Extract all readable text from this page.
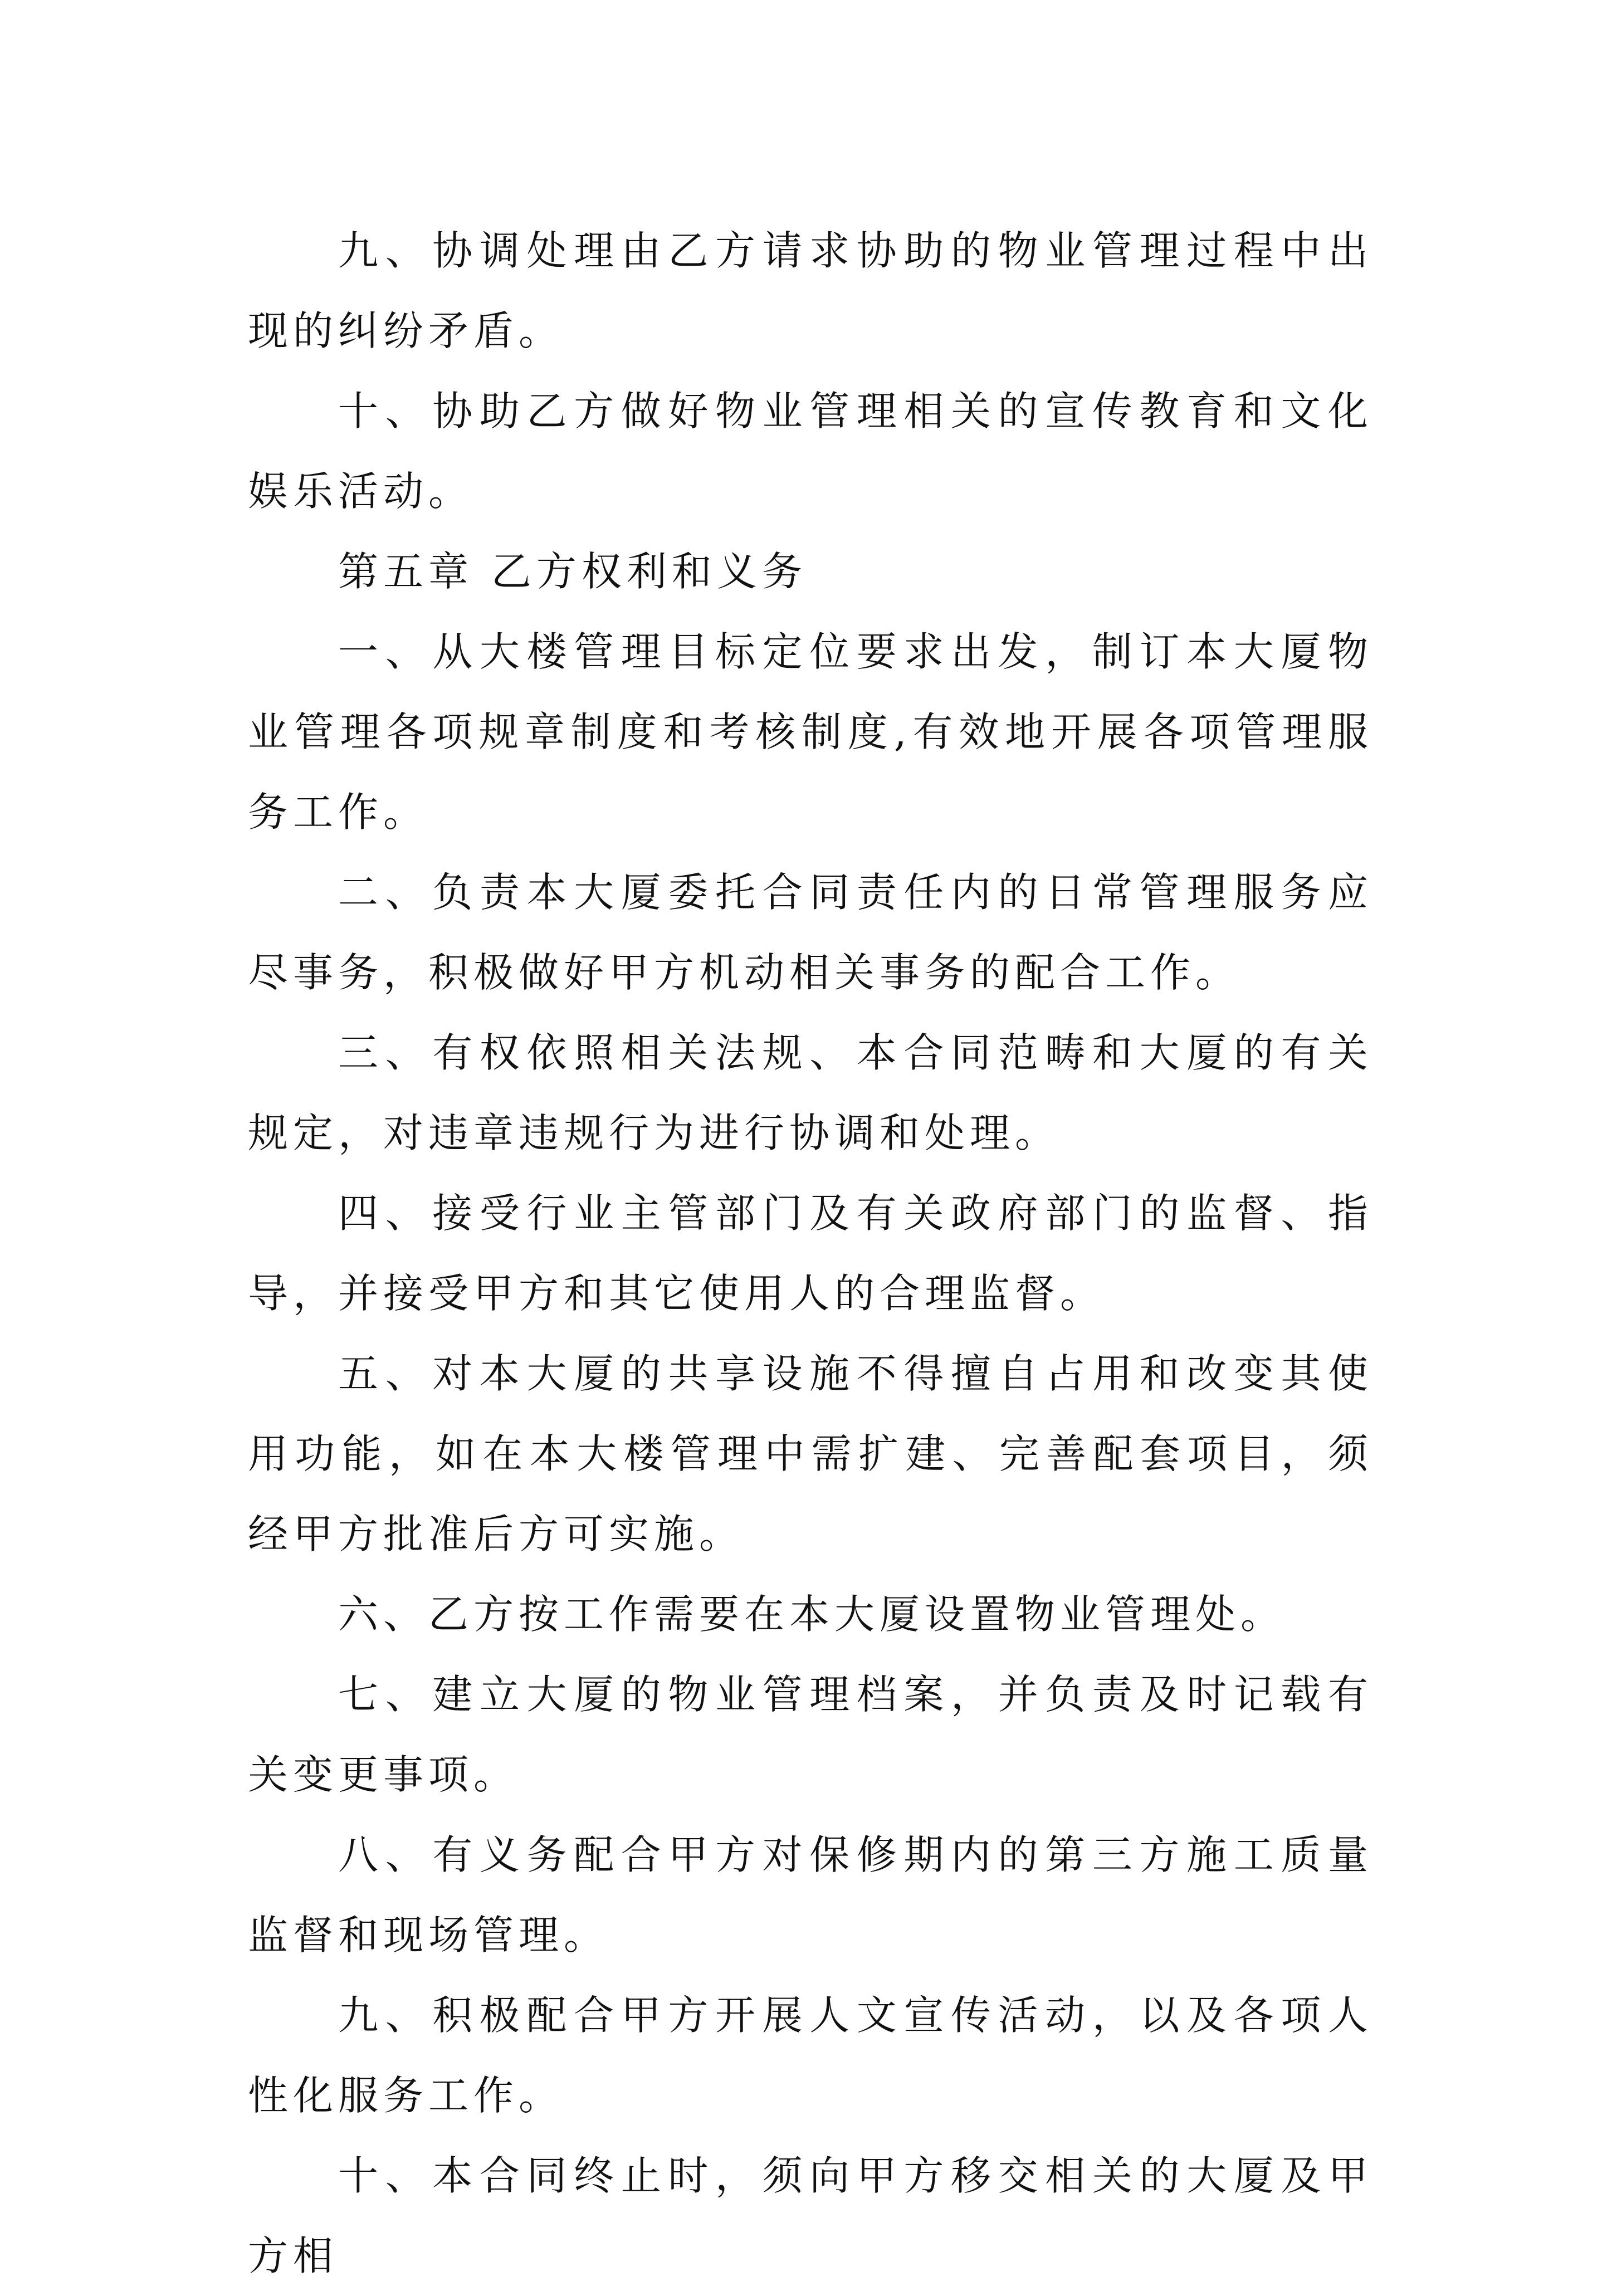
九、协调处理由乙方请求协助的物业管理过程中出现的纠纷矛盾。

十、协助乙方做好物业管理相关的宣传教育和文化娱乐活动。

第五章 乙方权利和义务

一、从大楼管理目标定位要求出发，制订本大厦物业管理各项规章制度和考核制度,有效地开展各项管理服务工作。

二、负责本大厦委托合同责任内的日常管理服务应尽事务，积极做好甲方机动相关事务的配合工作。

三、有权依照相关法规、本合同范畴和大厦的有关规定，对违章违规行为进行协调和处理。

四、接受行业主管部门及有关政府部门的监督、指导，并接受甲方和其它使用人的合理监督。

五、对本大厦的共享设施不得擅自占用和改变其使用功能，如在本大楼管理中需扩建、完善配套项目，须经甲方批准后方可实施。

六、乙方按工作需要在本大厦设置物业管理处。

七、建立大厦的物业管理档案，并负责及时记载有关变更事项。

八、有义务配合甲方对保修期内的第三方施工质量监督和现场管理。

九、积极配合甲方开展人文宣传活动，以及各项人性化服务工作。

十、本合同终止时，须向甲方移交相关的大厦及甲方相
